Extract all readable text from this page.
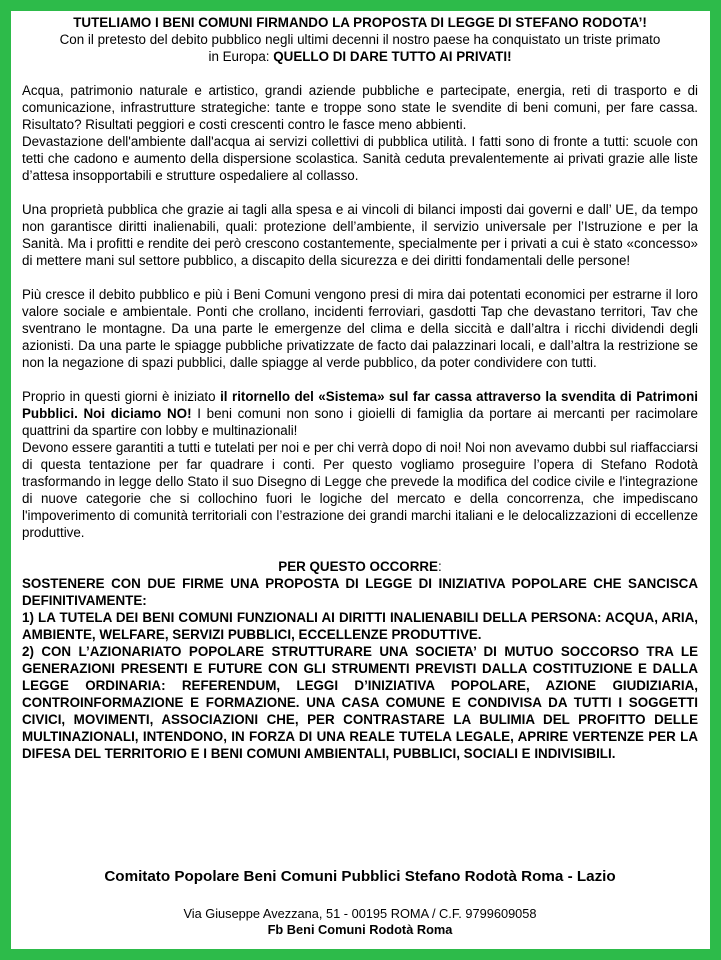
TUTELIAMO I BENI COMUNI FIRMANDO LA PROPOSTA DI LEGGE DI STEFANO RODOTA’!
Con il pretesto del debito pubblico negli ultimi decenni il nostro paese ha conquistato un triste primato
in Europa: QUELLO DI DARE TUTTO AI PRIVATI!

Acqua, patrimonio naturale e artistico, grandi aziende pubbliche e partecipate, energia, reti di trasporto e di comunicazione, infrastrutture strategiche: tante e troppe sono state le svendite di beni comuni, per fare cassa. Risultato? Risultati peggiori e costi crescenti contro le fasce meno abbienti.

Devastazione dell'ambiente dall'acqua ai servizi collettivi di pubblica utilità. I fatti sono di fronte a tutti: scuole con tetti che cadono e aumento della dispersione scolastica. Sanità ceduta prevalentemente ai privati grazie alle liste d’attesa insopportabili e strutture ospedaliere al collasso.

Una proprietà pubblica che grazie ai tagli alla spesa e ai vincoli di bilanci imposti dai governi e dall’ UE, da tempo non garantisce diritti inalienabili, quali: protezione dell’ambiente, il servizio universale per l’Istruzione e per la Sanità. Ma i profitti e rendite dei però crescono costantemente, specialmente per i privati a cui è stato «concesso» di mettere mani sul settore pubblico, a discapito della sicurezza e dei diritti fondamentali delle persone!

Più cresce il debito pubblico e più i Beni Comuni vengono presi di mira dai potentati economici per estrarne il loro valore sociale e ambientale. Ponti che crollano, incidenti ferroviari, gasdotti Tap che devastano territori, Tav che sventrano le montagne. Da una parte le emergenze del clima e della siccità e dall’altra i ricchi dividendi degli azionisti. Da una parte le spiagge pubbliche privatizzate de facto dai palazzinari locali, e dall’altra la restrizione se non la negazione di spazi pubblici, dalle spiagge al verde pubblico, da poter condividere con tutti.

Proprio in questi giorni è iniziato il ritornello del «Sistema» sul far cassa attraverso la svendita di Patrimoni Pubblici. Noi diciamo NO! I beni comuni non sono i gioielli di famiglia da portare ai mercanti per racimolare quattrini da spartire con lobby e multinazionali!

Devono essere garantiti a tutti e tutelati per noi e per chi verrà dopo di noi! Noi non avevamo dubbi sul riaffacciarsi di questa tentazione per far quadrare i conti. Per questo vogliamo proseguire l’opera di Stefano Rodotà trasformando in legge dello Stato il suo Disegno di Legge che prevede la modifica del codice civile e l'integrazione di nuove categorie che si collochino fuori le logiche del mercato e della concorrenza, che impediscano l'impoverimento di comunità territoriali con l’estrazione dei grandi marchi italiani e le delocalizzazioni di eccellenze produttive.

PER QUESTO OCCORRE:

SOSTENERE CON DUE FIRME UNA PROPOSTA DI LEGGE DI INIZIATIVA POPOLARE CHE SANCISCA DEFINITIVAMENTE:

1) LA TUTELA DEI BENI COMUNI FUNZIONALI AI DIRITTI INALIENABILI DELLA PERSONA: ACQUA, ARIA, AMBIENTE, WELFARE, SERVIZI PUBBLICI, ECCELLENZE PRODUTTIVE.

2) CON L’AZIONARIATO POPOLARE STRUTTURARE UNA SOCIETA’ DI MUTUO SOCCORSO TRA LE GENERAZIONI PRESENTI E FUTURE CON GLI STRUMENTI PREVISTI DALLA COSTITUZIONE E DALLA LEGGE ORDINARIA: REFERENDUM, LEGGI D’INIZIATIVA POPOLARE, AZIONE GIUDIZIARIA, CONTROINFORMAZIONE E FORMAZIONE. UNA CASA COMUNE E CONDIVISA DA TUTTI I SOGGETTI CIVICI, MOVIMENTI, ASSOCIAZIONI CHE, PER CONTRASTARE LA BULIMIA DEL PROFITTO DELLE MULTINAZIONALI, INTENDONO, IN FORZA DI UNA REALE TUTELA LEGALE, APRIRE VERTENZE PER LA DIFESA DEL TERRITORIO E I BENI COMUNI AMBIENTALI, PUBBLICI, SOCIALI E INDIVISIBILI.

Comitato Popolare Beni Comuni Pubblici Stefano Rodotà Roma - Lazio
Via Giuseppe Avezzana, 51 - 00195 ROMA / C.F. 9799609058
Fb Beni Comuni Rodotà Roma
